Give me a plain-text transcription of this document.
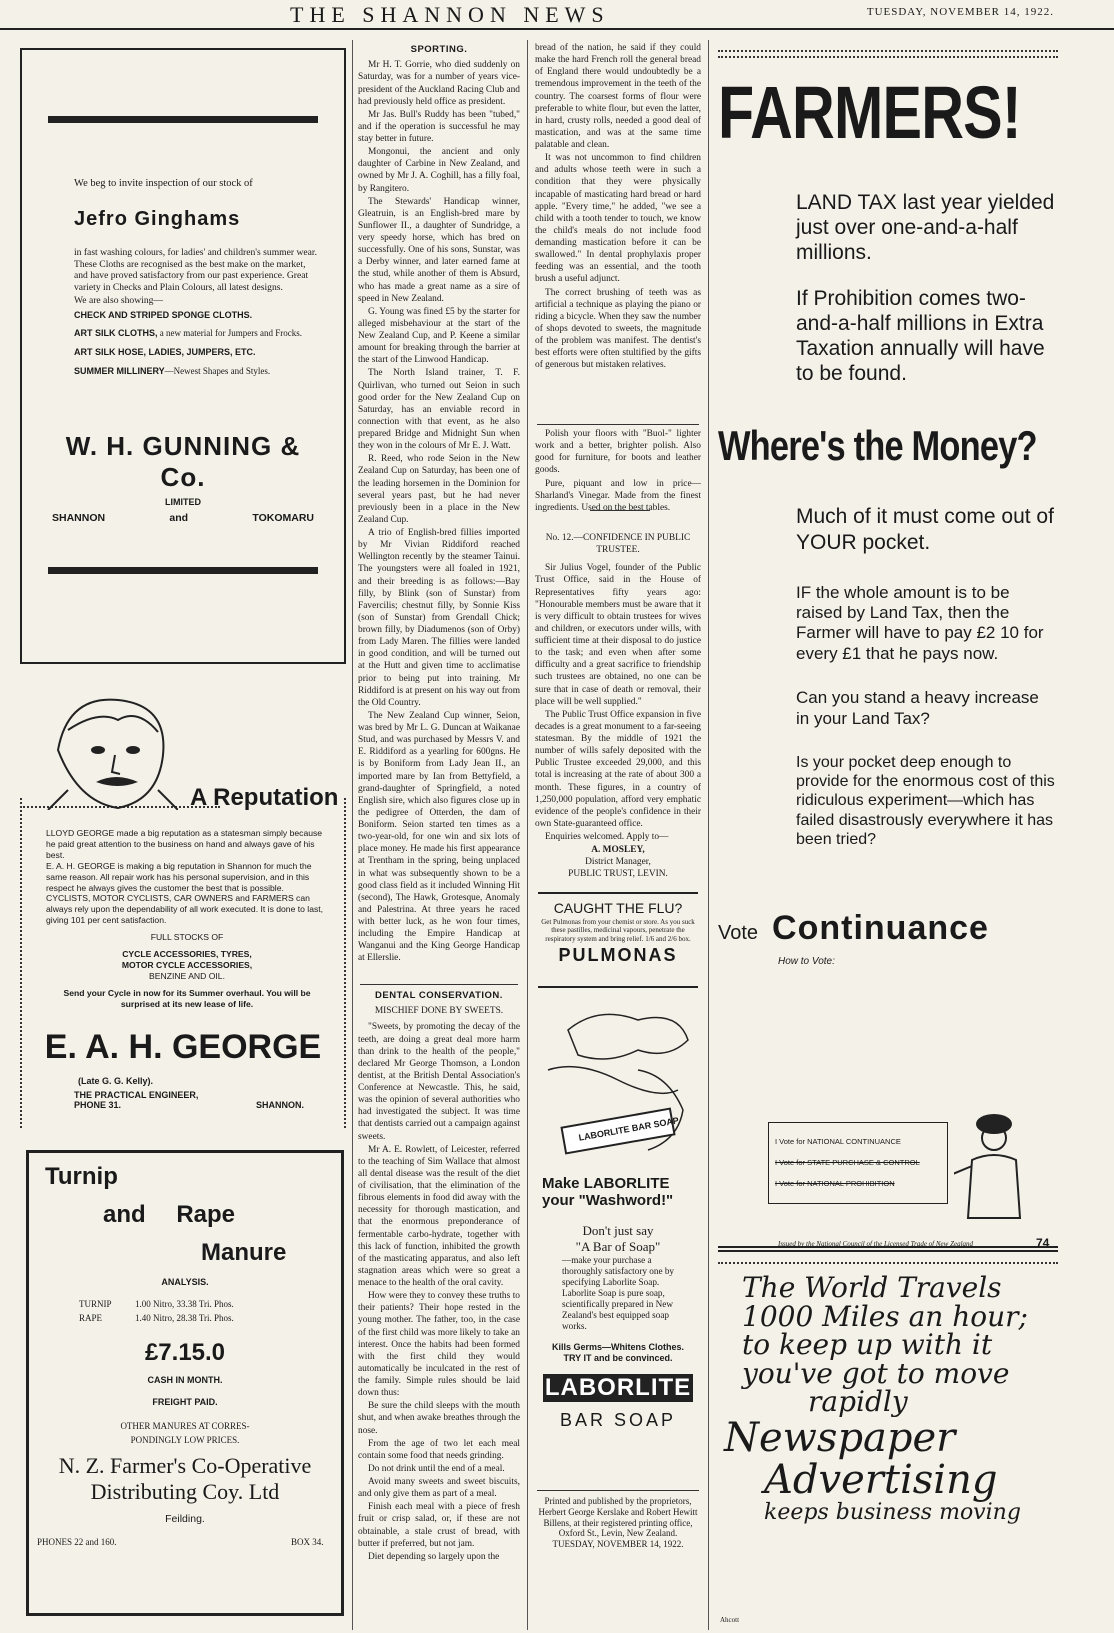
THE SHANNON NEWS	TUESDAY, NOVEMBER 14, 1922.
We beg to invite inspection of our stock of
Jefro Ginghams
in fast washing colours, for ladies' and children's summer wear. These Cloths are recognised as the best make on the market, and have proved satisfactory from our past experience. Great variety in Checks and Plain Colours, all latest designs.
We are also showing—
CHECK AND STRIPED SPONGE CLOTHS.
ART SILK CLOTHS, a new material for Jumpers and Frocks.
ART SILK HOSE, LADIES, JUMPERS, ETC.
SUMMER MILLINERY—Newest Shapes and Styles.
W. H. GUNNING & Co.
LIMITED
SHANNON	and	TOKOMARU
A Reputation
LLOYD GEORGE made a big reputation as a statesman simply because he paid great attention to the business on hand and always gave of his best.
E. A. H. GEORGE is making a big reputation in Shannon for much the same reason. All repair work has his personal supervision, and in this respect he always gives the customer the best that is possible.
CYCLISTS, MOTOR CYCLISTS, CAR OWNERS and FARMERS can always rely upon the dependability of all work executed. It is done to last, giving 101 per cent satisfaction.
FULL STOCKS OF
CYCLE ACCESSORIES, TYRES,
MOTOR CYCLE ACCESSORIES,
BENZINE AND OIL.
Send your Cycle in now for its Summer overhaul. You will be surprised at its new lease of life.
E. A. H. GEORGE
(Late G. G. Kelly).
THE PRACTICAL ENGINEER,
PHONE 31.	SHANNON.
Turnip
and Rape
Manure
ANALYSIS.
TURNIP	1.00 Nitro, 33.38 Tri. Phos.
RAPE	1.40 Nitro, 28.38 Tri. Phos.
£7.15.0
CASH IN MONTH.
FREIGHT PAID.
OTHER MANURES AT CORRES-
PONDINGLY LOW PRICES.
N. Z. Farmer's Co-Operative
Distributing Coy. Ltd
Feilding.
PHONES 22 and 160.	BOX 34.
SPORTING.

Mr H. T. Gorrie, who died suddenly on Saturday, was for a number of years vice-president of the Auckland Racing Club and had previously held office as president.

Mr Jas. Bull's Ruddy has been "tubed," and if the operation is successful he may stay better in future.

Mongonui, the ancient and only daughter of Carbine in New Zealand, and owned by Mr J. A. Coghill, has a filly foal, by Rangitero.

The Stewards' Handicap winner, Gleatruin, is an English-bred mare by Sunflower II., a daughter of Sundridge, a very speedy horse, which has bred on successfully. One of his sons, Sunstar, was a Derby winner, and later earned fame at the stud, while another of them is Absurd, who has made a great name as a sire of speed in New Zealand.

G. Young was fined £5 by the starter for alleged misbehaviour at the start of the New Zealand Cup, and P. Keene a similar amount for breaking through the barrier at the start of the Linwood Handicap.

The North Island trainer, T. F. Quirlivan, who turned out Seion in such good order for the New Zealand Cup on Saturday, has an enviable record in connection with that event, as he also prepared Bridge and Midnight Sun when they won in the colours of Mr E. J. Watt.

R. Reed, who rode Seion in the New Zealand Cup on Saturday, has been one of the leading horsemen in the Dominion for several years past, but he had never previously been in a place in the New Zealand Cup.

A trio of English-bred fillies imported by Mr Vivian Riddiford reached Wellington recently by the steamer Tainui. The youngsters were all foaled in 1921, and their breeding is as follows:—Bay filly, by Blink (son of Sunstar) from Favercilis; chestnut filly, by Sonnie Kiss (son of Sunstar) from Grendall Chick; brown filly, by Diadumenos (son of Orby) from Lady Maren. The fillies were landed in good condition, and will be turned out at the Hutt and given time to acclimatise prior to being put into training. Mr Riddiford is at present on his way out from the Old Country.

The New Zealand Cup winner, Seion, was bred by Mr L. G. Duncan at Waikanae Stud, and was purchased by Messrs V. and E. Riddiford as a yearling for 600gns. He is by Boniform from Lady Jean II., an imported mare by Ian from Bettyfield, a grand-daughter of Springfield, a noted English sire, which also figures close up in the pedigree of Otterden, the dam of Boniform. Seion started ten times as a two-year-old, for one win and six lots of place money. He made his first appearance at Trentham in the spring, being unplaced in what was subsequently shown to be a good class field as it included Winning Hit (second), The Hawk, Grotesque, Anomaly and Palestrina. At three years he raced with better luck, as he won four times, including the Empire Handicap at Wanganui and the King George Handicap at Ellerslie.

DENTAL CONSERVATION.
MISCHIEF DONE BY SWEETS.

"Sweets, by promoting the decay of the teeth, are doing a great deal more harm than drink to the health of the people," declared Mr George Thomson, a London dentist, at the British Dental Association's Conference at Newcastle. This, he said, was the opinion of several authorities who had investigated the subject. It was time that dentists carried out a campaign against sweets.

Mr A. E. Rowlett, of Leicester, referred to the teaching of Sim Wallace that almost all dental disease was the result of the diet of civilisation, that the elimination of the fibrous elements in food did away with the necessity for thorough mastication, and that the enormous preponderance of fermentable carbo-hydrate, together with this lack of function, inhibited the growth of the masticating apparatus, and also left stagnation areas which were so great a menace to the health of the oral cavity.

How were they to convey these truths to their patients? Their hope rested in the young mother. The father, too, in the case of the first child was more likely to take an interest. Once the habits had been formed with the first child they would automatically be inculcated in the rest of the family. Simple rules should be laid down thus:

Be sure the child sleeps with the mouth shut, and when awake breathes through the nose.

From the age of two let each meal contain some food that needs grinding.

Do not drink until the end of a meal.

Avoid many sweets and sweet biscuits, and only give them as part of a meal.

Finish each meal with a piece of fresh fruit or crisp salad, or, if these are not obtainable, a stale crust of bread, with butter if preferred, but not jam.

Diet depending so largely upon the

bread of the nation, he said if they could make the hard French roll the general bread of England there would undoubtedly be a tremendous improvement in the teeth of the country. The coarsest forms of flour were preferable to white flour, but even the latter, in hard, crusty rolls, needed a good deal of mastication, and was at the same time palatable and clean.

It was not uncommon to find children and adults whose teeth were in such a condition that they were physically incapable of masticating hard bread or hard apple. "Every time," he added, "we see a child with a tooth tender to touch, we know the child's meals do not include food demanding mastication before it can be swallowed." In dental prophylaxis proper feeding was an essential, and the tooth brush a useful adjunct.

The correct brushing of teeth was as artificial a technique as playing the piano or riding a bicycle. When they saw the number of shops devoted to sweets, the magnitude of the problem was manifest. The dentist's best efforts were often stultified by the gifts of generous but mistaken relatives.

Polish your floors with "Buol-" lighter work and a better, brighter polish. Also good for furniture, for boots and leather goods.

Pure, piquant and low in price—Sharland's Vinegar. Made from the finest ingredients. Used on the best tables.

No. 12.—CONFIDENCE IN PUBLIC TRUSTEE.

Sir Julius Vogel, founder of the Public Trust Office, said in the House of Representatives fifty years ago: "Honourable members must be aware that it is very difficult to obtain trustees for wives and children, or executors under wills, with sufficient time at their disposal to do justice to the task; and even when after some difficulty and a great sacrifice to friendship such trustees are obtained, no one can be sure that in case of death or removal, their place will be well supplied."

The Public Trust Office expansion in five decades is a great monument to a far-seeing statesman. By the middle of 1921 the number of wills safely deposited with the Public Trustee exceeded 29,000, and this total is increasing at the rate of about 300 a month. These figures, in a country of 1,250,000 population, afford very emphatic evidence of the people's confidence in their own State-guaranteed office.

Enquiries welcomed. Apply to—

A. MOSLEY,
District Manager,
PUBLIC TRUST, LEVIN.
CAUGHT THE FLU?
Get Pulmonas from your chemist or store. As you suck these pastilles, medicinal vapours, penetrate the respiratory system and bring relief. 1/6 and 2/6 box.
PULMONAS
LABORLITE BAR SOAP
Make LABORLITE
your "Washword!"
Don't just say
"A Bar of Soap"
—make your purchase a thoroughly satisfactory one by specifying Laborlite Soap. Laborlite Soap is pure soap, scientifically prepared in New Zealand's best equipped soap works.
Kills Germs—Whitens Clothes.
TRY IT and be convinced.
LABORLITE
BAR SOAP
Printed and published by the proprietors, Herbert George Kerslake and Robert Hewitt Billens, at their registered printing office, Oxford St., Levin, New Zealand.
TUESDAY, NOVEMBER 14, 1922.
FARMERS!
LAND TAX last year yielded just over one-and-a-half millions.
If Prohibition comes two-and-a-half millions in Extra Taxation annually will have to be found.
Where's the Money?
Much of it must come out of YOUR pocket.
IF the whole amount is to be raised by Land Tax, then the Farmer will have to pay £2 10 for every £1 that he pays now.
Can you stand a heavy increase in your Land Tax?
Is your pocket deep enough to provide for the enormous cost of this ridiculous experiment—which has failed disastrously everywhere it has been tried?
Vote Continuance
How to Vote:
I Vote for NATIONAL CONTINUANCE
I Vote for STATE PURCHASE & CONTROL
I Vote for NATIONAL PROHIBITION
Issued by the National Council of the Licensed Trade of New Zealand	74
The World Travels
1000 Miles an hour;
to keep up with it
you've got to move
rapidly
Newspaper
Advertising
keeps business moving
Ahcott
